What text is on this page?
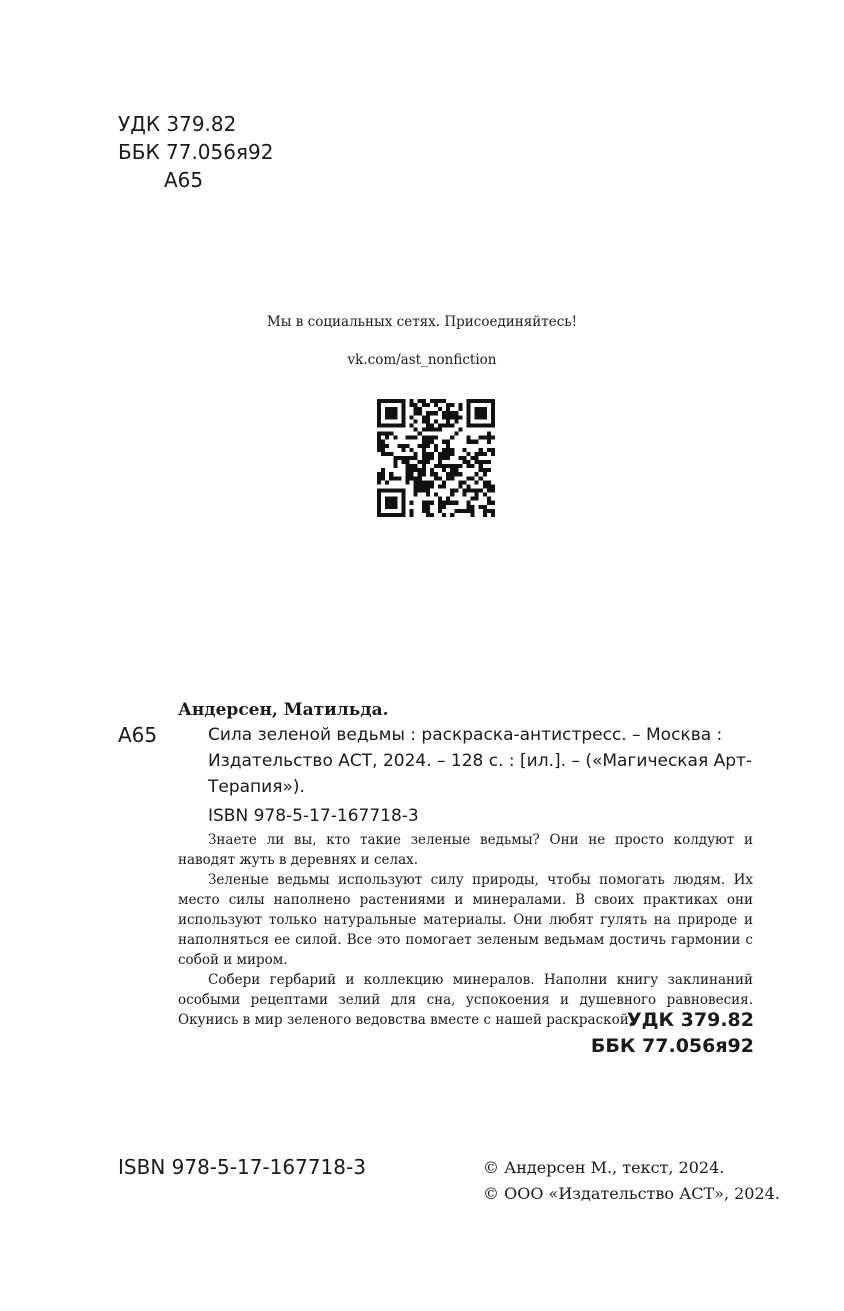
УДК 379.82
ББК 77.056я92
А65
Мы в социальных сетях. Присоединяйтесь!
vk.com/ast_nonfiction
Андерсен, Матильда.
А65	Сила зеленой ведьмы : раскраска-антистресс. – Москва : Издательство АСТ, 2024. – 128 с. : [ил.]. – («Магическая Арт-Терапия»).
ISBN 978-5-17-167718-3

Знаете ли вы, кто такие зеленые ведьмы? Они не просто колдуют и наводят жуть в деревнях и селах.

Зеленые ведьмы используют силу природы, чтобы помогать людям. Их место силы наполнено растениями и минералами. В своих практиках они используют только натуральные материалы. Они любят гулять на природе и наполняться ее силой. Все это помогает зеленым ведьмам достичь гармонии с собой и миром.

Собери гербарий и коллекцию минералов. Наполни книгу заклинаний особыми рецептами зелий для сна, успокоения и душевного равновесия. Окунись в мир зеленого ведовства вместе с нашей раскраской!

УДК 379.82
ББК 77.056я92
ISBN 978-5-17-167718-3	© Андерсен М., текст, 2024.
© ООО «Издательство АСТ», 2024.
